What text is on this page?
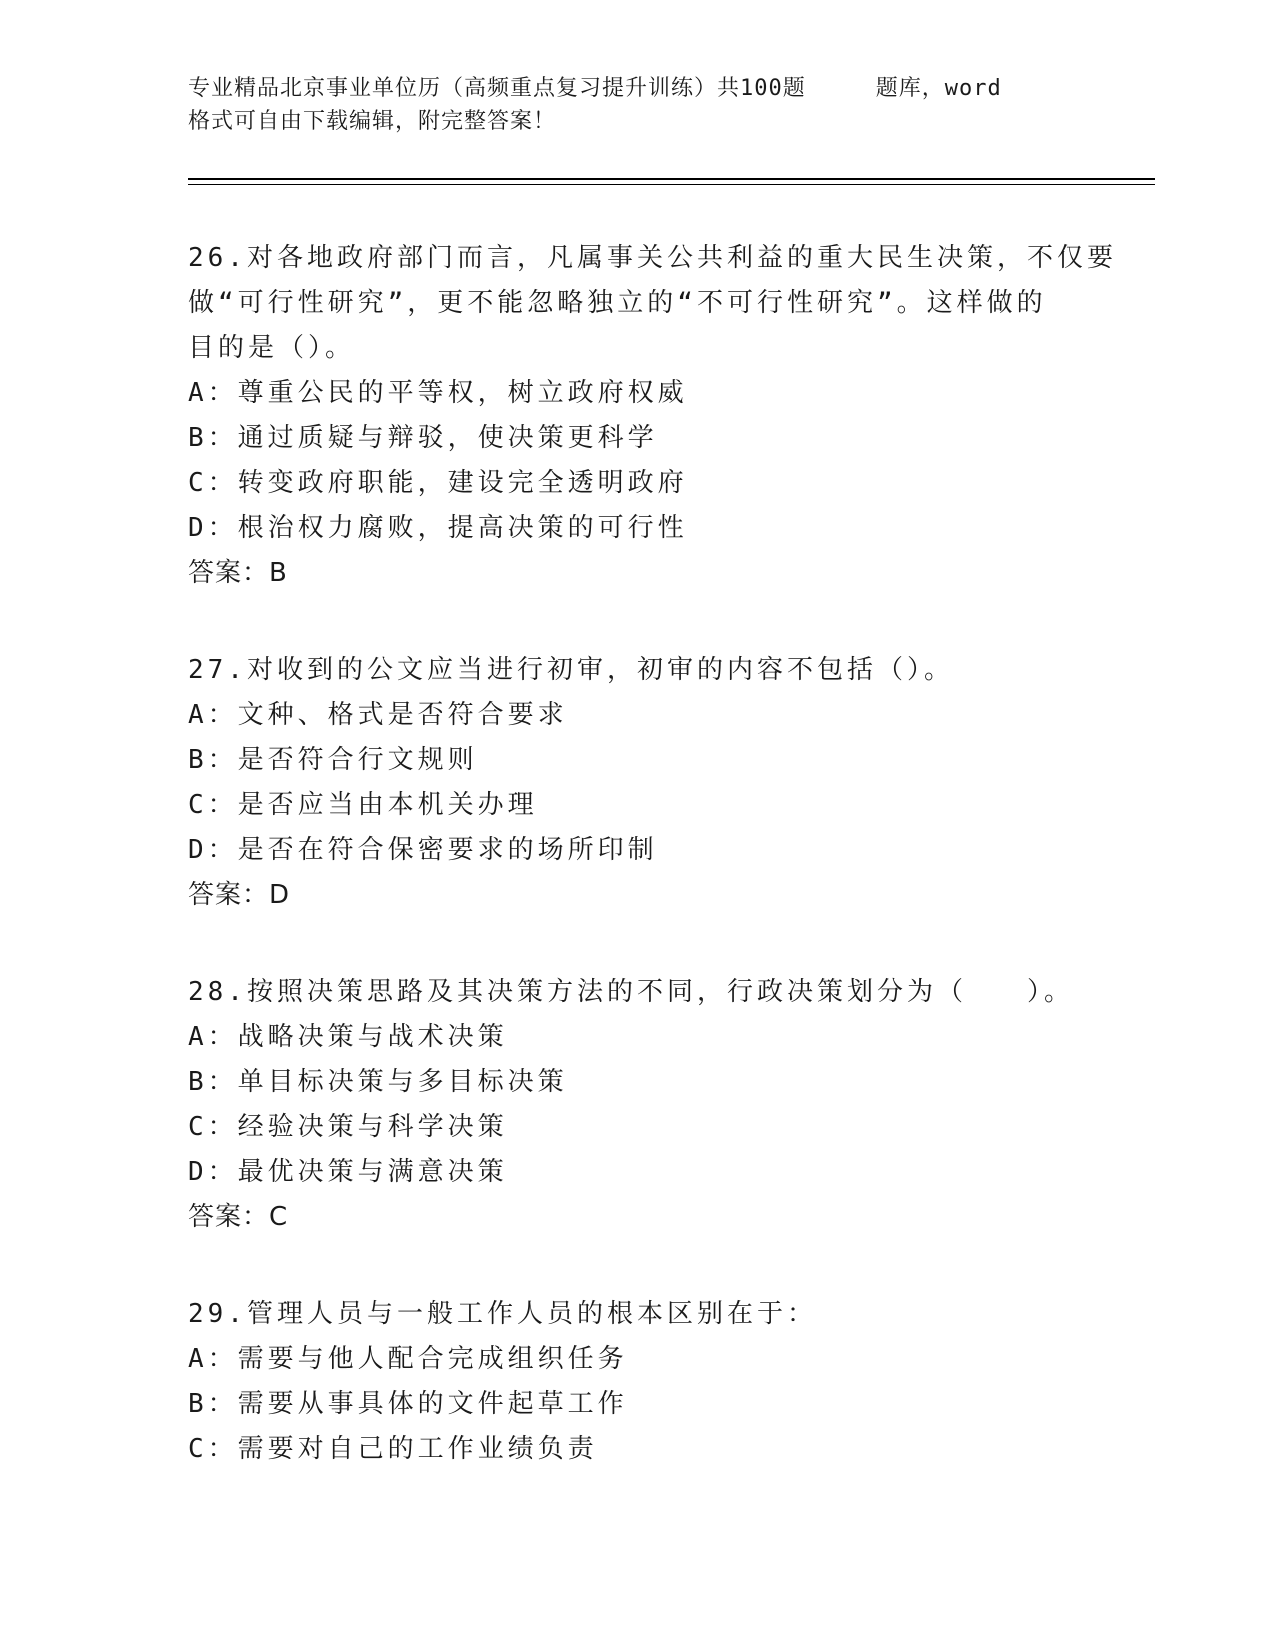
专业精品北京事业单位历（高频重点复习提升训练）共100题	题库，word
格式可自由下载编辑，附完整答案！
26.对各地政府部门而言，凡属事关公共利益的重大民生决策，不仅要
做“可行性研究”，更不能忽略独立的“不可行性研究”。这样做的
目的是（）。
A：尊重公民的平等权，树立政府权威
B：通过质疑与辩驳，使决策更科学
C：转变政府职能，建设完全透明政府
D：根治权力腐败，提高决策的可行性
答案：B
27.对收到的公文应当进行初审，初审的内容不包括（）。
A：文种、格式是否符合要求
B：是否符合行文规则
C：是否应当由本机关办理
D：是否在符合保密要求的场所印制
答案：D
28.按照决策思路及其决策方法的不同，行政决策划分为（　　）。
A：战略决策与战术决策
B：单目标决策与多目标决策
C：经验决策与科学决策
D：最优决策与满意决策
答案：C
29.管理人员与一般工作人员的根本区别在于：
A：需要与他人配合完成组织任务
B：需要从事具体的文件起草工作
C：需要对自己的工作业绩负责
